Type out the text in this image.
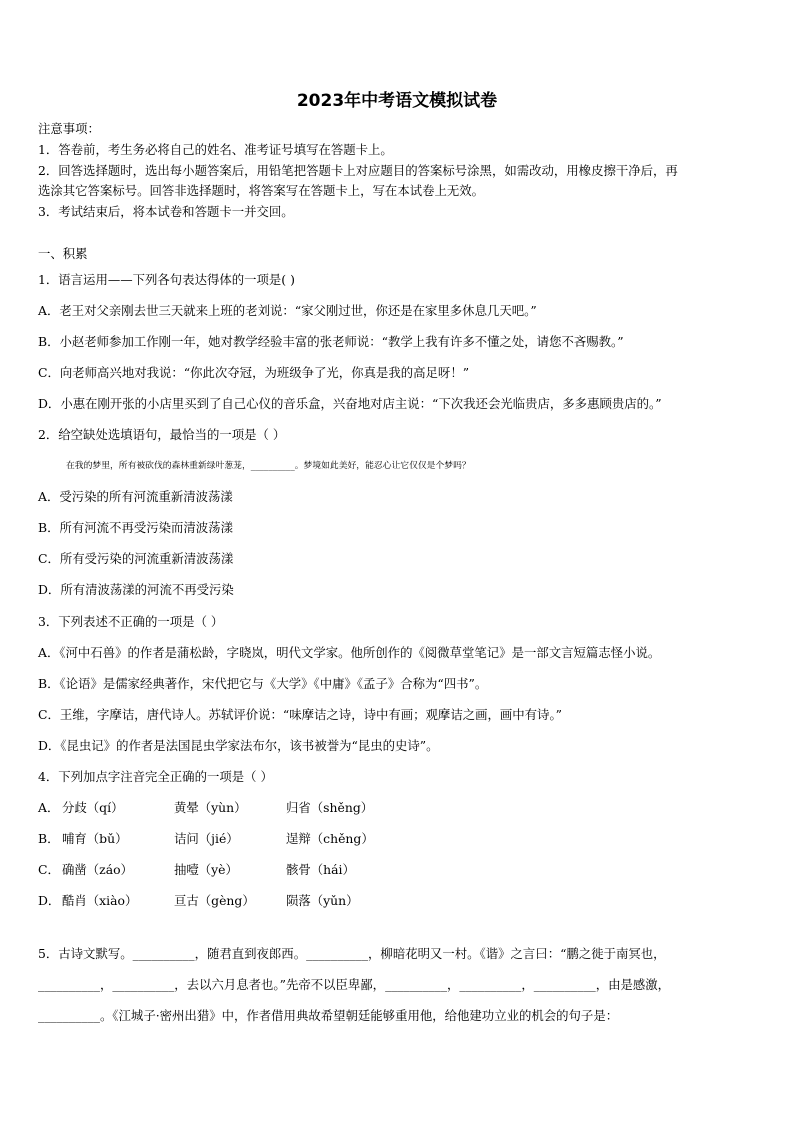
2023年中考语文模拟试卷
注意事项：
1．答卷前，考生务必将自己的姓名、准考证号填写在答题卡上。
2．回答选择题时，选出每小题答案后，用铅笔把答题卡上对应题目的答案标号涂黑，如需改动，用橡皮擦干净后，再
选涂其它答案标号。回答非选择题时，将答案写在答题卡上，写在本试卷上无效。
3．考试结束后，将本试卷和答题卡一并交回。
一、积累
1．语言运用——下列各句表达得体的一项是( )
A．老王对父亲刚去世三天就来上班的老刘说：“家父刚过世，你还是在家里多休息几天吧。”
B．小赵老师参加工作刚一年，她对教学经验丰富的张老师说：“教学上我有许多不懂之处，请您不吝赐教。”
C．向老师高兴地对我说：“你此次夺冠，为班级争了光，你真是我的高足呀！”
D．小惠在刚开张的小店里买到了自己心仪的音乐盒，兴奋地对店主说：“下次我还会光临贵店，多多惠顾贵店的。”
2．给空缺处选填语句，最恰当的一项是（ ）
在我的梦里，所有被砍伐的森林重新绿叶葱茏，__________。梦境如此美好，能忍心让它仅仅是个梦吗？
A．受污染的所有河流重新清波荡漾
B．所有河流不再受污染而清波荡漾
C．所有受污染的河流重新清波荡漾
D．所有清波荡漾的河流不再受污染
3．下列表述不正确的一项是（ ）
A．《河中石兽》的作者是蒲松龄，字晓岚，明代文学家。他所创作的《阅微草堂笔记》是一部文言短篇志怪小说。
B．《论语》是儒家经典著作，宋代把它与《大学》《中庸》《孟子》合称为“四书”。
C．王维，字摩诘，唐代诗人。苏轼评价说：“味摩诘之诗，诗中有画；观摩诘之画，画中有诗。”
D．《昆虫记》的作者是法国昆虫学家法布尔，该书被誉为“昆虫的史诗”。
4．下列加点字注音完全正确的一项是（ ）
A． 分歧（qí）	黄晕（yùn）	归省（shěng）
B． 哺育（bǔ）	诘问（jié）	逞辩（chěng）
C． 确凿（záo）	抽噎（yè）	骸骨（hái）
D． 酷肖（xiào）	亘古（gèng）	陨落（yǔn）
5．古诗文默写。__________，随君直到夜郎西。__________，柳暗花明又一村。《谐》之言曰：“鹏之徙于南冥也，
__________，__________，去以六月息者也。”先帝不以臣卑鄙，__________，__________，__________，由是感激，
__________。《江城子·密州出猎》中，作者借用典故希望朝廷能够重用他，给他建功立业的机会的句子是：
